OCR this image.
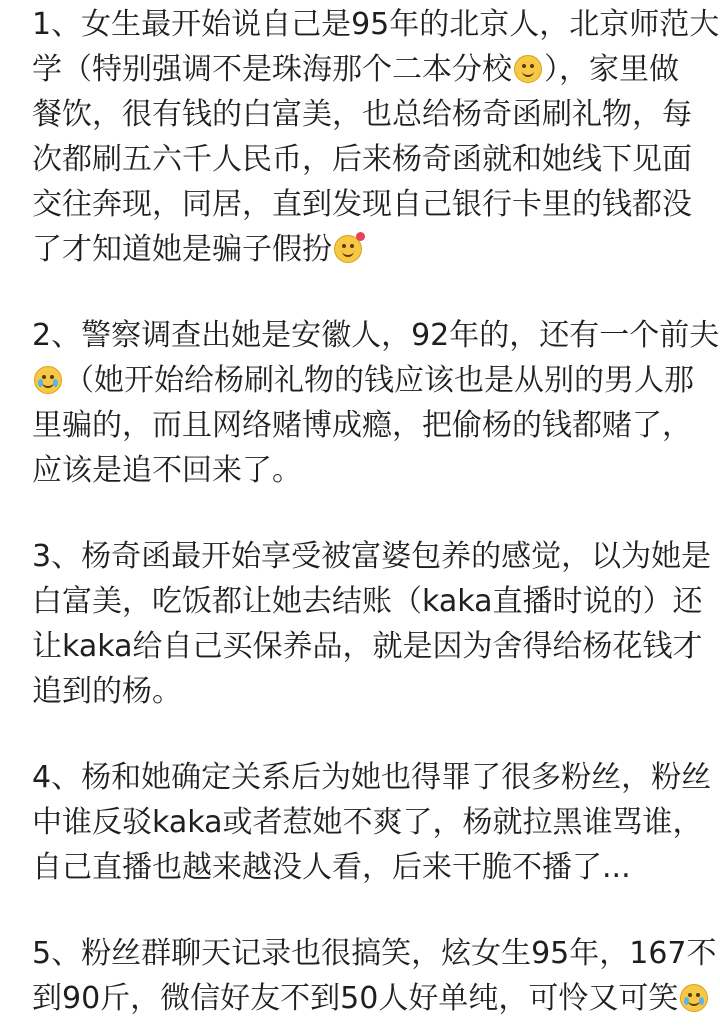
1、女生最开始说自己是95年的北京人，北京师范大
学（特别强调不是珠海那个二本分校 ），家里做
餐饮，很有钱的白富美，也总给杨奇函刷礼物，每
次都刷五六千人民币，后来杨奇函就和她线下见面
交往奔现，同居，直到发现自己银行卡里的钱都没
了才知道她是骗子假扮
2、警察调查出她是安徽人，92年的，还有一个前夫
（她开始给杨刷礼物的钱应该也是从别的男人那
里骗的，而且网络赌博成瘾，把偷杨的钱都赌了，
应该是追不回来了。
3、杨奇函最开始享受被富婆包养的感觉，以为她是
白富美，吃饭都让她去结账（kaka直播时说的）还
让kaka给自己买保养品，就是因为舍得给杨花钱才
追到的杨。
4、杨和她确定关系后为她也得罪了很多粉丝，粉丝
中谁反驳kaka或者惹她不爽了，杨就拉黑谁骂谁，
自己直播也越来越没人看，后来干脆不播了...
5、粉丝群聊天记录也很搞笑，炫女生95年，167不
到90斤，微信好友不到50人好单纯，可怜又可笑
